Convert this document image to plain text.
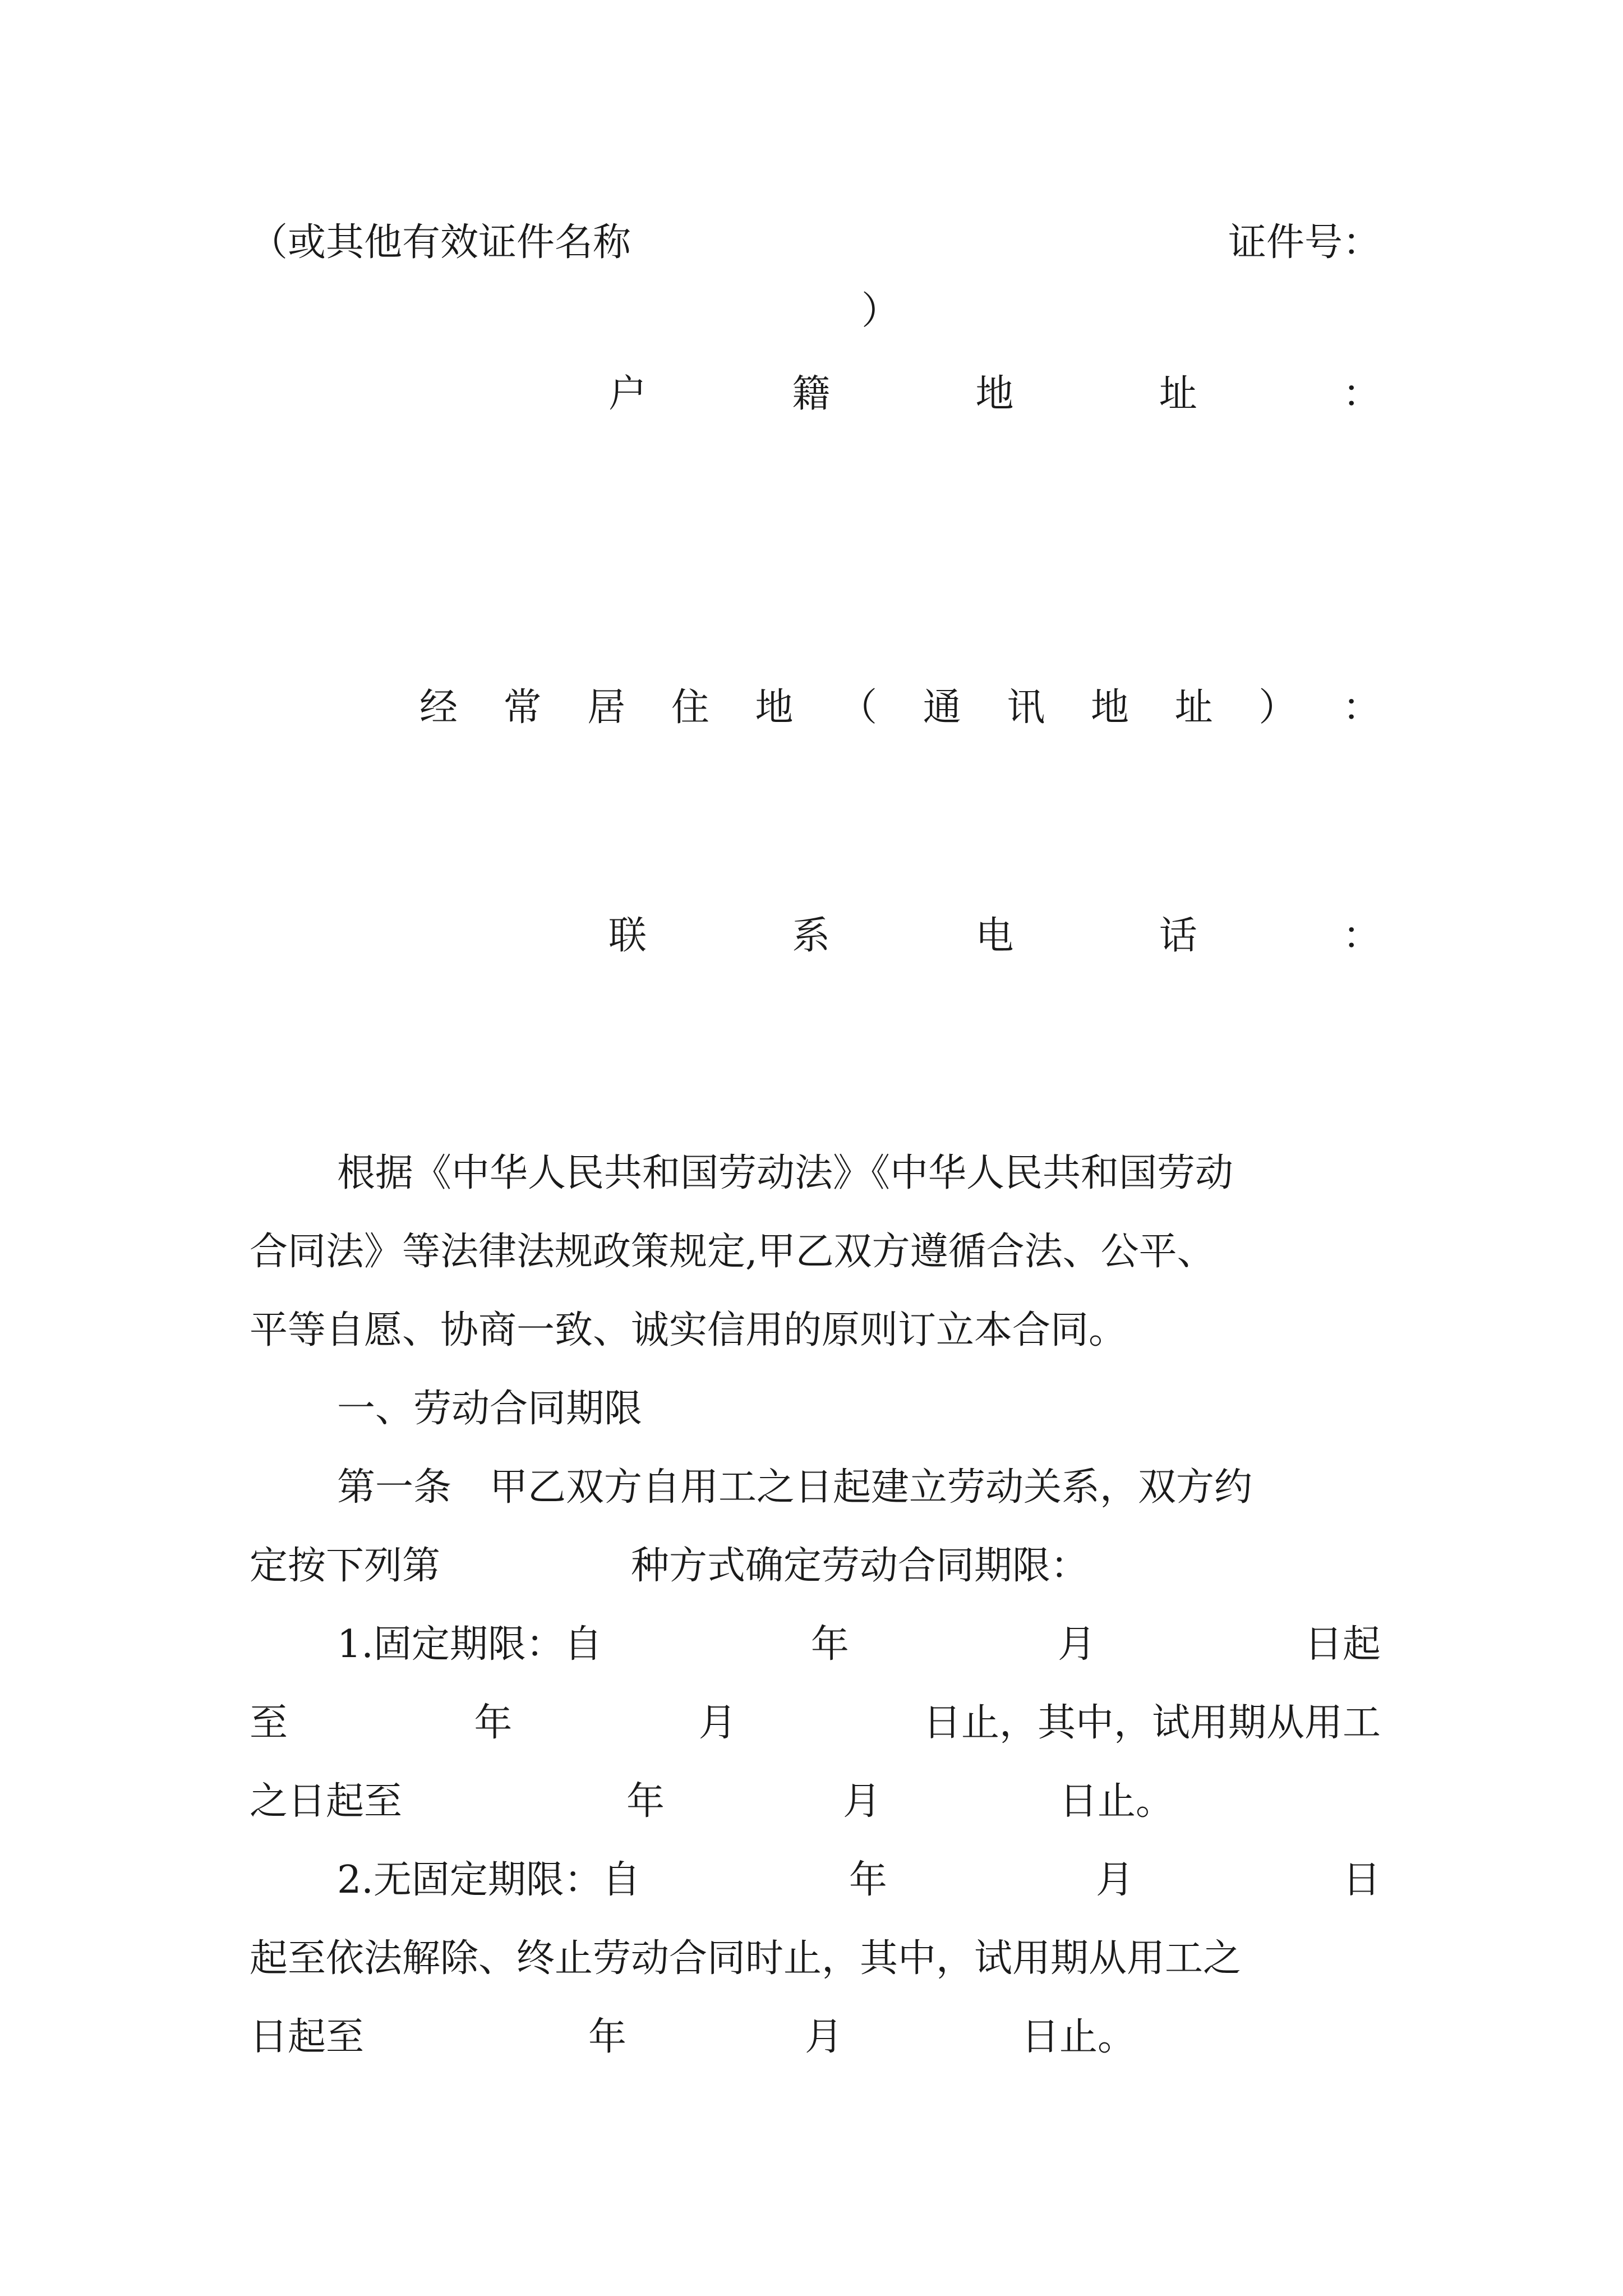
（或其他有效证件名称	证件号：
）
户	籍	地	址	：
经 常 居 住 地 （ 通 讯 地 址 ） ：
联	系	电	话	：
根据《中华人民共和国劳动法》《中华人民共和国劳动
合同法》等法律法规政策规定,甲乙双方遵循合法、公平、
平等自愿、协商一致、诚实信用的原则订立本合同。
一、劳动合同期限
第一条 甲乙双方自用工之日起建立劳动关系，双方约
定按下列第	种方式确定劳动合同期限：
1.固定期限：自	年	月	日起
至	年	月	日止，其中，试用期从用工
之日起至	年	月	日止。
2.无固定期限：自	年	月	日
起至依法解除、终止劳动合同时止，其中，试用期从用工之
日起至	年	月	日止。
